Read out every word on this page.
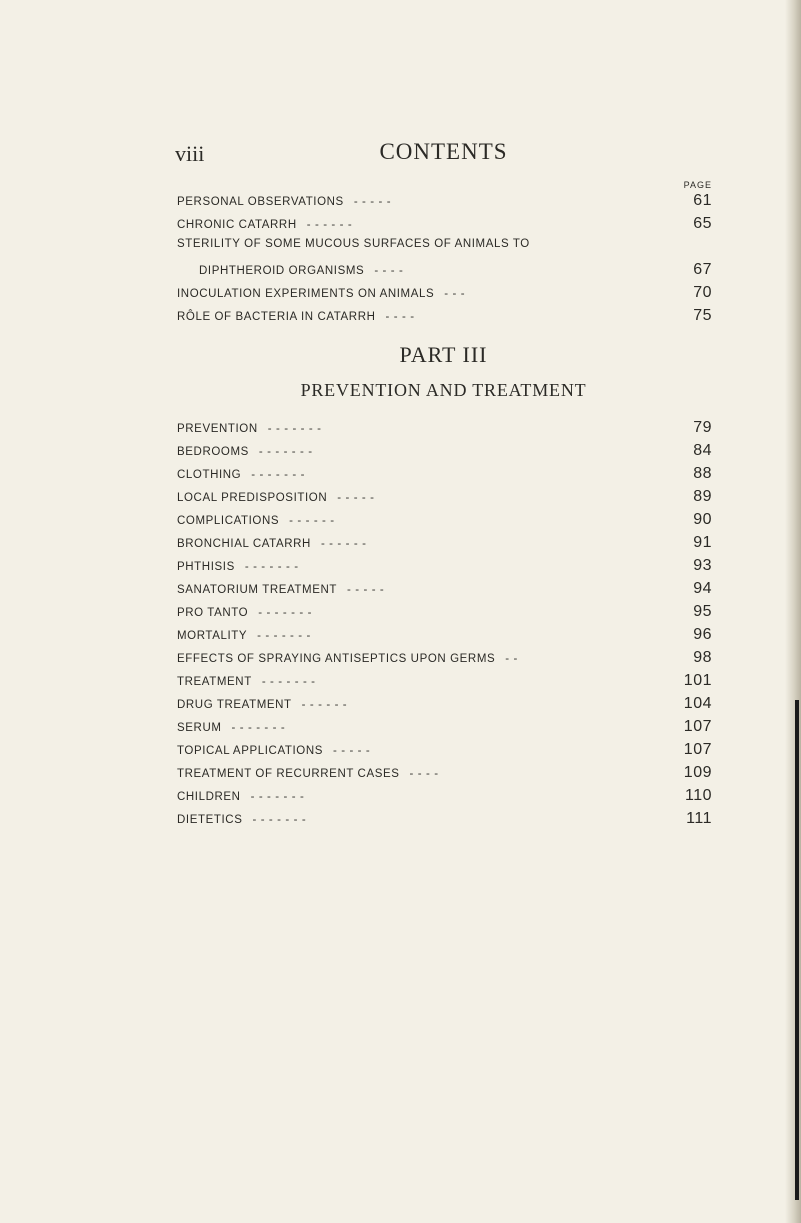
viii	CONTENTS
PAGE
PERSONAL OBSERVATIONS - - - - -	61
CHRONIC CATARRH - - - - - -	65
STERILITY OF SOME MUCOUS SURFACES OF ANIMALS TO
DIPHTHEROID ORGANISMS - - - -	67
INOCULATION EXPERIMENTS ON ANIMALS - - -	70
RÔLE OF BACTERIA IN CATARRH - - - -	75
PART III
PREVENTION AND TREATMENT
PREVENTION - - - - - - -	79
BEDROOMS - - - - - - -	84
CLOTHING - - - - - - -	88
LOCAL PREDISPOSITION - - - - -	89
COMPLICATIONS - - - - - -	90
BRONCHIAL CATARRH - - - - - -	91
PHTHISIS - - - - - - -	93
SANATORIUM TREATMENT - - - - -	94
PRO TANTO - - - - - - -	95
MORTALITY - - - - - - -	96
EFFECTS OF SPRAYING ANTISEPTICS UPON GERMS - -	98
TREATMENT - - - - - - -	101
DRUG TREATMENT - - - - - -	104
SERUM - - - - - - -	107
TOPICAL APPLICATIONS - - - - -	107
TREATMENT OF RECURRENT CASES - - - -	109
CHILDREN - - - - - - -	110
DIETETICS - - - - - - -	111
